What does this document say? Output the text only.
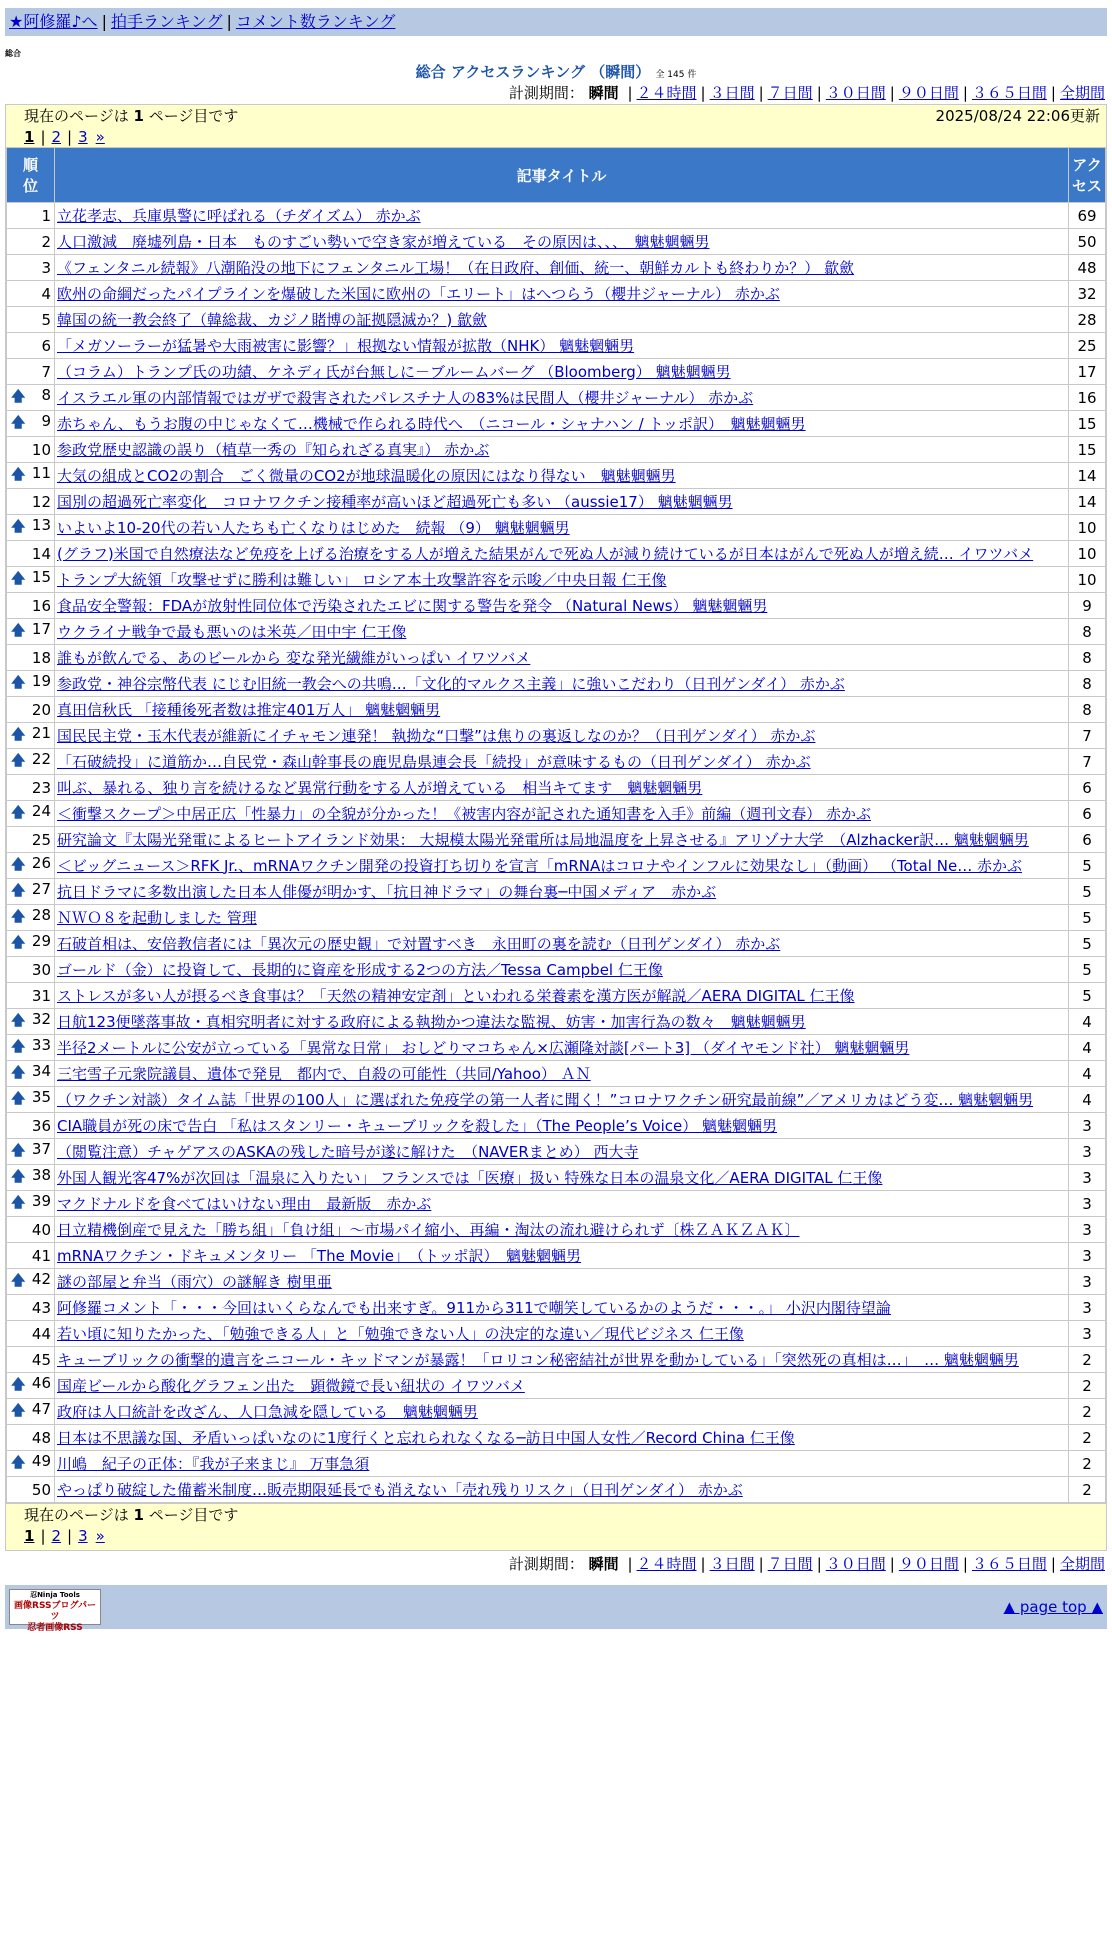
★阿修羅♪へ | 拍手ランキング | コメント数ランキング
総合
総合 アクセスランキング （瞬間） 全 145 件
計測期間： 瞬間 | ２４時間 | ３日間 | ７日間 | ３０日間 | ９０日間 | ３６５日間 | 全期間
現在のページは 1 ページ目です	2025/08/24 22:06更新
1 | 2 | 3 »
順位	記事タイトル	アクセス
1	立花孝志、兵庫県警に呼ばれる（チダイズム） 赤かぶ	69
2	人口激減　廃墟列島・日本　ものすごい勢いで空き家が増えている　その原因は、、、　魑魅魍魎男	50
3	《フェンタニル続報》八潮陥没の地下にフェンタニル工場！（在日政府、創価、統一、朝鮮カルトも終わりか？） 歙歛	48
4	欧州の命綱だったパイプラインを爆破した米国に欧州の「エリート」はへつらう（櫻井ジャーナル） 赤かぶ	32
5	韓国の統一教会終了（韓総裁、カジノ賭博の証拠隠滅か？) 歙歛	28
6	「メガソーラーが猛暑や大雨被害に影響？」根拠ない情報が拡散（NHK） 魑魅魍魎男	25
7	（コラム）トランプ氏の功績、ケネディ氏が台無しに－ブルームバーグ （Bloomberg） 魑魅魍魎男	17

🡅 8	イスラエル軍の内部情報ではガザで殺害されたパレスチナ人の83%は民間人（櫻井ジャーナル） 赤かぶ	16

🡅 9	赤ちゃん、もうお腹の中じゃなくて…機械で作られる時代へ　（ニコール・シャナハン / トッポ訳）　魑魅魍魎男	15
10	参政党歴史認識の誤り（植草一秀の『知られざる真実』） 赤かぶ	15

🡅 11	大気の組成とCO2の割合　ごく微量のCO2が地球温暖化の原因にはなり得ない　魑魅魍魎男	14
12	国別の超過死亡率変化　コロナワクチン接種率が高いほど超過死亡も多い （aussie17） 魑魅魍魎男	14

🡅 13	いよいよ10-20代の若い人たちも亡くなりはじめた　続報 （9） 魑魅魍魎男	10
14	(グラフ)米国で自然療法など免疫を上げる治療をする人が増えた結果がんで死ぬ人が減り続けているが日本はがんで死ぬ人が増え続… イワツバメ	10

🡅 15	トランプ大統領「攻撃せずに勝利は難しい」 ロシア本土攻撃許容を示唆／中央日報 仁王像	10
16	食品安全警報：FDAが放射性同位体で汚染されたエビに関する警告を発令 （Natural News） 魑魅魍魎男	9

🡅 17	ウクライナ戦争で最も悪いのは米英／田中宇 仁王像	8
18	誰もが飲んでる、あのビールから 変な発光繊維がいっぱい イワツバメ	8

🡅 19	参政党・神谷宗幣代表 にじむ旧統一教会への共鳴…「文化的マルクス主義」に強いこだわり（日刊ゲンダイ） 赤かぶ	8
20	真田信秋氏 「接種後死者数は推定401万人」 魑魅魍魎男	8

🡅 21	国民民主党・玉木代表が維新にイチャモン連発！ 執拗な“口撃”は焦りの裏返しなのか？（日刊ゲンダイ） 赤かぶ	7

🡅 22	「石破続投」に道筋か…自民党・森山幹事長の鹿児島県連会長「続投」が意味するもの（日刊ゲンダイ） 赤かぶ	7
23	叫ぶ、暴れる、独り言を続けるなど異常行動をする人が増えている　相当キてます　魑魅魍魎男	6

🡅 24	＜衝撃スクープ＞中居正広「性暴力」の全貌が分かった！《被害内容が記された通知書を入手》前編（週刊文春） 赤かぶ	6
25	研究論文『太陽光発電によるヒートアイランド効果： 大規模太陽光発電所は局地温度を上昇させる』アリゾナ大学　（Alzhacker訳… 魑魅魍魎男	6

🡅 26	＜ビッグニュース＞RFK Jr.、mRNAワクチン開発の投資打ち切りを宣言「mRNAはコロナやインフルに効果なし」（動画） （Total Ne… 赤かぶ	5

🡅 27	抗日ドラマに多数出演した日本人俳優が明かす、「抗日神ドラマ」の舞台裏─中国メディア　赤かぶ	5

🡅 28	ＮＷＯ８を起動しました 管理	5

🡅 29	石破首相は、安倍教信者には「異次元の歴史観」で対置すべき　永田町の裏を読む（日刊ゲンダイ） 赤かぶ	5
30	ゴールド（金）に投資して、長期的に資産を形成する2つの方法／Tessa Campbel 仁王像	5
31	ストレスが多い人が摂るべき食事は？「天然の精神安定剤」といわれる栄養素を漢方医が解説／AERA DIGITAL 仁王像	5

🡅 32	日航123便墜落事故・真相究明者に対する政府による執拗かつ違法な監視、妨害・加害行為の数々　魑魅魍魎男	4

🡅 33	半径2メートルに公安が立っている「異常な日常」 おしどりマコちゃん×広瀬隆対談[パート3] （ダイヤモンド社） 魑魅魍魎男	4

🡅 34	三宅雪子元衆院議員、遺体で発見　都内で、自殺の可能性（共同/Yahoo） ＡＮ	4

🡅 35	（ワクチン対談）タイム誌「世界の100人」に選ばれた免疫学の第一人者に聞く！”コロナワクチン研究最前線”／アメリカはどう変… 魑魅魍魎男	4
36	CIA職員が死の床で告白 「私はスタンリー・キューブリックを殺した」（The People’s Voice） 魑魅魍魎男	3

🡅 37	（閲覧注意）チャゲアスのASKAの残した暗号が遂に解けた　（NAVERまとめ） 西大寺	3

🡅 38	外国人観光客47%が次回は「温泉に入りたい」 フランスでは「医療」扱い 特殊な日本の温泉文化／AERA DIGITAL 仁王像	3

🡅 39	マクドナルドを食べてはいけない理由　最新版　赤かぶ	3
40	日立精機倒産で見えた「勝ち組」「負け組」～市場パイ縮小、再編・淘汰の流れ避けられず〔株ＺＡＫＺＡＫ〕	3
41	mRNAワクチン・ドキュメンタリー 「The Movie」　（トッポ訳）　魑魅魍魎男	3

🡅 42	謎の部屋と弁当（雨穴）の謎解き 樹里亜	3
43	阿修羅コメント「・・・今回はいくらなんでも出来すぎ。911から311で嘲笑しているかのようだ・・・。」 小沢内閣待望論	3
44	若い頃に知りたかった、「勉強できる人」と「勉強できない人」の決定的な違い／現代ビジネス 仁王像	3
45	キューブリックの衝撃的遺言をニコール・キッドマンが暴露！「ロリコン秘密結社が世界を動かしている」「突然死の真相は…」　… 魑魅魍魎男	2

🡅 46	国産ビールから酸化グラフェン出た　顕微鏡で長い紐状の イワツバメ	2

🡅 47	政府は人口統計を改ざん、人口急減を隠している　魑魅魍魎男	2
48	日本は不思議な国、矛盾いっぱいなのに1度行くと忘れられなくなる─訪日中国人女性／Record China 仁王像	2

🡅 49	川嶋　紀子の正体：『我が子来まじ』 万事急須	2
50	やっぱり破綻した備蓄米制度…販売期限延長でも消えない「売れ残りリスク」（日刊ゲンダイ） 赤かぶ	2
現在のページは 1 ページ目です
1 | 2 | 3 »
計測期間： 瞬間 | ２４時間 | ３日間 | ７日間 | ３０日間 | ９０日間 | ３６５日間 | 全期間
忍Ninja Tools
画像RSSブログパーツ
忍者画像RSS
▲ page top ▲
